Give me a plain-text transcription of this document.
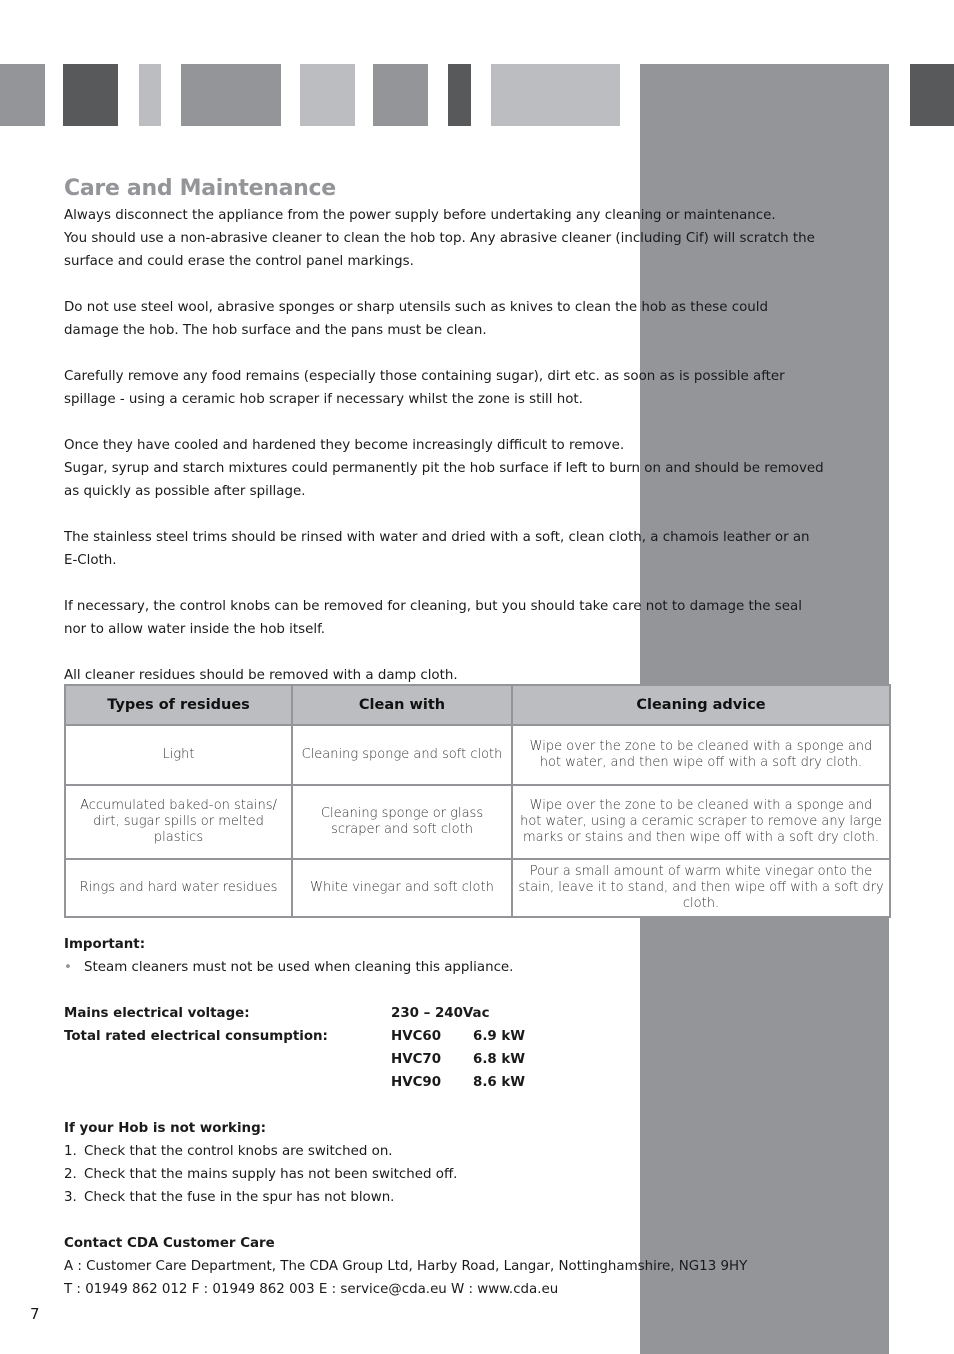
Care and Maintenance

Always disconnect the appliance from the power supply before undertaking any cleaning or maintenance.

You should use a non-abrasive cleaner to clean the hob top. Any abrasive cleaner (including Cif) will scratch the surface and could erase the control panel markings.

Do not use steel wool, abrasive sponges or sharp utensils such as knives to clean the hob as these could damage the hob. The hob surface and the pans must be clean.

Carefully remove any food remains (especially those containing sugar), dirt etc. as soon as is possible after spillage - using a ceramic hob scraper if necessary whilst the zone is still hot.

Once they have cooled and hardened they become increasingly difficult to remove.

Sugar, syrup and starch mixtures could permanently pit the hob surface if left to burn on and should be removed as quickly as possible after spillage.

The stainless steel trims should be rinsed with water and dried with a soft, clean cloth, a chamois leather or an E-Cloth.

If necessary, the control knobs can be removed for cleaning, but you should take care not to damage the seal nor to allow water inside the hob itself.

All cleaner residues should be removed with a damp cloth.

Types of residues	Clean with	Cleaning advice
Light	Cleaning sponge and soft cloth	Wipe over the zone to be cleaned with a sponge and hot water, and then wipe off with a soft dry cloth.
Accumulated baked-on stains/ dirt, sugar spills or melted plastics	Cleaning sponge or glass scraper and soft cloth	Wipe over the zone to be cleaned with a sponge and hot water, using a ceramic scraper to remove any large marks or stains and then wipe off with a soft dry cloth.
Rings and hard water residues	White vinegar and soft cloth	Pour a small amount of warm white vinegar onto the stain, leave it to stand, and then wipe off with a soft dry cloth.

Important:

• Steam cleaners must not be used when cleaning this appliance.

Mains electrical voltage:	230 – 240Vac
Total rated electrical consumption:	HVC60	6.9 kW
HVC70	6.8 kW
HVC90	8.6 kW

If your Hob is not working:

1. Check that the control knobs are switched on.

2. Check that the mains supply has not been switched off.

3. Check that the fuse in the spur has not blown.

Contact CDA Customer Care

A : Customer Care Department, The CDA Group Ltd, Harby Road, Langar, Nottinghamshire, NG13 9HY

T : 01949 862 012 F : 01949 862 003 E : service@cda.eu W : www.cda.eu

7
